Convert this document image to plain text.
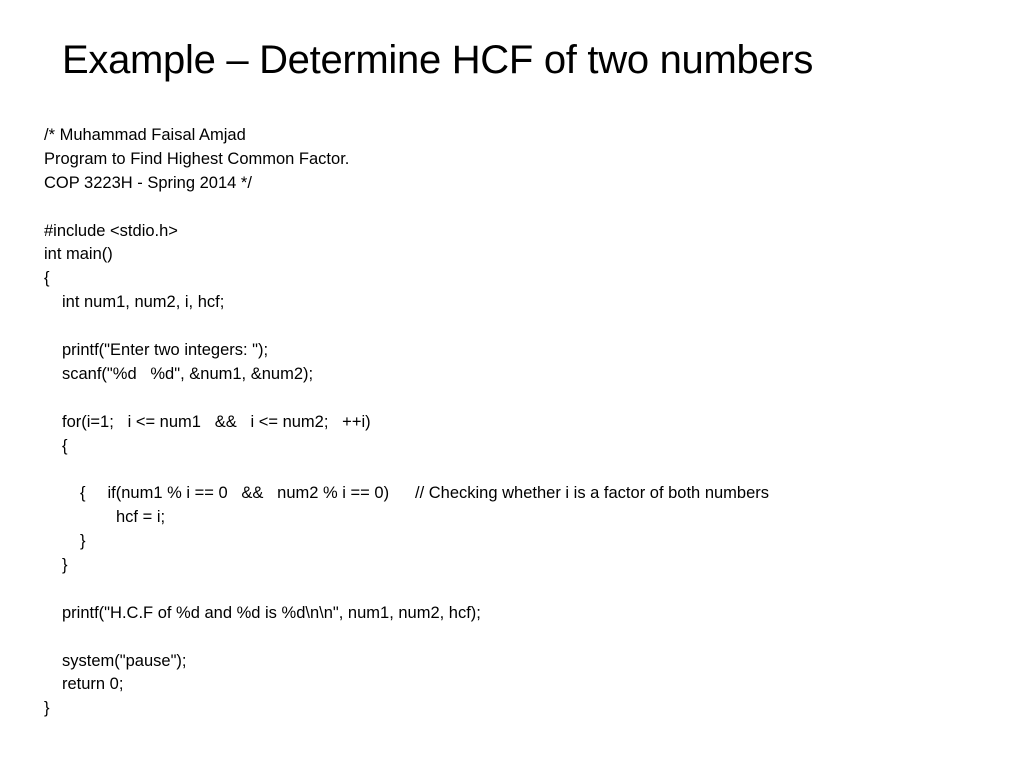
Example – Determine HCF of two numbers
/* Muhammad Faisal Amjad
Program to Find Highest Common Factor.
COP 3223H - Spring 2014 */
#include <stdio.h>
int main()
{
int num1, num2, i, hcf;
printf("Enter two integers: ");
scanf("%d   %d", &num1, &num2);
for(i=1;   i <= num1   &&   i <= num2;   ++i)
{

if(num1 % i == 0   &&   num2 % i == 0) // Checking whether i is a factor of both numbers

{
hcf = i;
}
}
printf("H.C.F of %d and %d is %d\n\n", num1, num2, hcf);
system("pause");
return 0;
}
